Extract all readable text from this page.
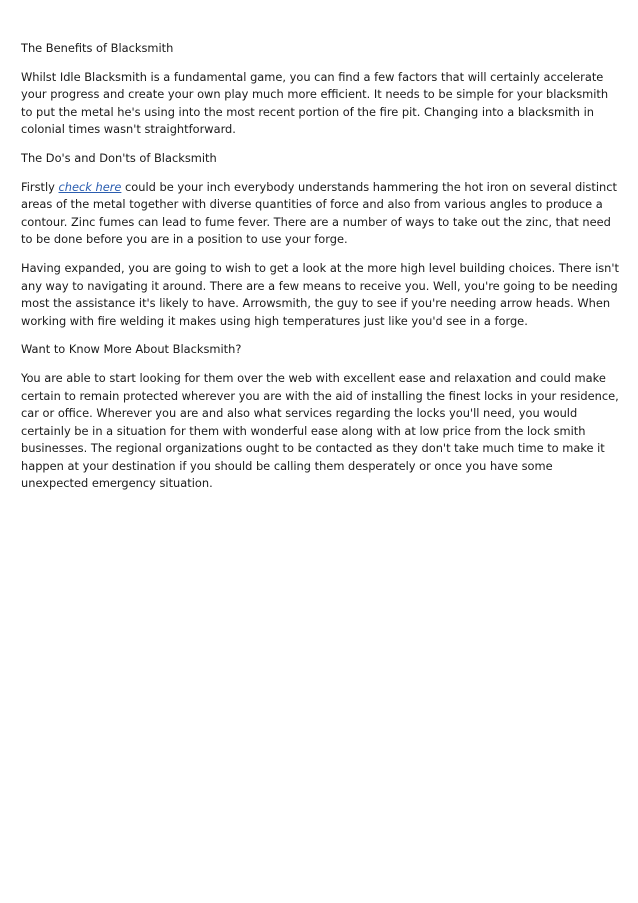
The Benefits of Blacksmith

Whilst Idle Blacksmith is a fundamental game, you can find a few factors that will certainly accelerate your progress and create your own play much more efficient. It needs to be simple for your blacksmith to put the metal he's using into the most recent portion of the fire pit. Changing into a blacksmith in colonial times wasn't straightforward.

The Do's and Don'ts of Blacksmith

Firstly check here could be your inch everybody understands hammering the hot iron on several distinct areas of the metal together with diverse quantities of force and also from various angles to produce a contour. Zinc fumes can lead to fume fever. There are a number of ways to take out the zinc, that need to be done before you are in a position to use your forge.

Having expanded, you are going to wish to get a look at the more high level building choices. There isn't any way to navigating it around. There are a few means to receive you. Well, you're going to be needing most the assistance it's likely to have. Arrowsmith, the guy to see if you're needing arrow heads. When working with fire welding it makes using high temperatures just like you'd see in a forge.

Want to Know More About Blacksmith?

You are able to start looking for them over the web with excellent ease and relaxation and could make certain to remain protected wherever you are with the aid of installing the finest locks in your residence, car or office. Wherever you are and also what services regarding the locks you'll need, you would certainly be in a situation for them with wonderful ease along with at low price from the lock smith businesses. The regional organizations ought to be contacted as they don't take much time to make it happen at your destination if you should be calling them desperately or once you have some unexpected emergency situation.
